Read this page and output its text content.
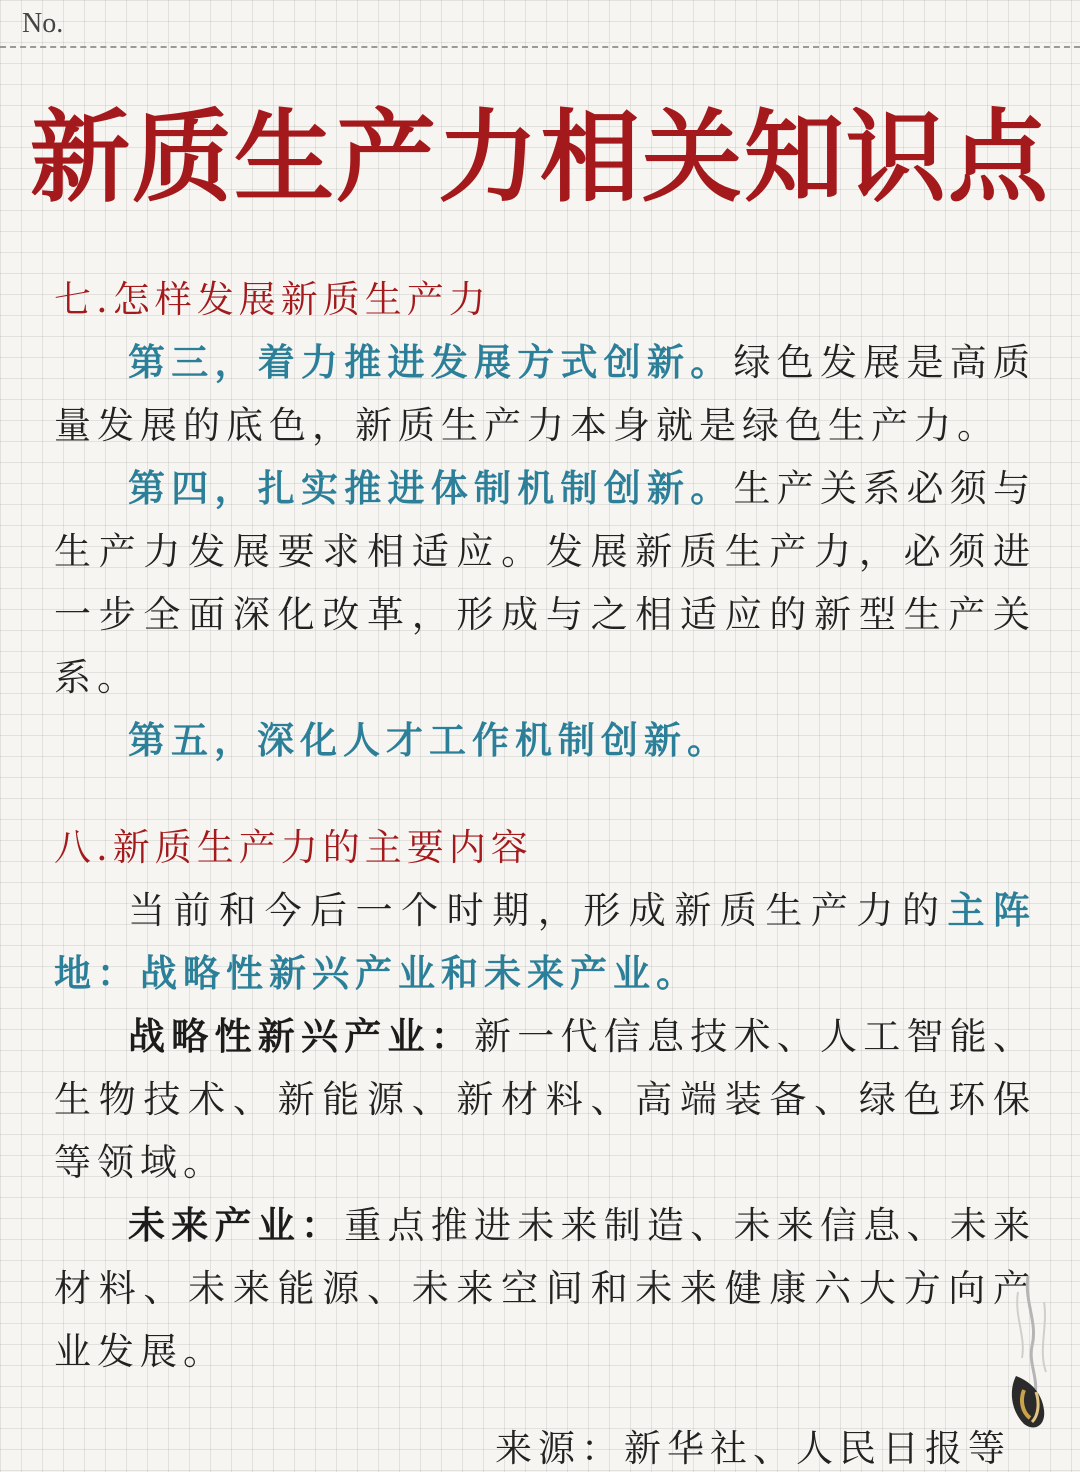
No.
新质生产力相关知识点

七.怎样发展新质生产力

第三，着力推进发展方式创新。绿色发展是高质量发展的底色，新质生产力本身就是绿色生产力。

第四，扎实推进体制机制创新。生产关系必须与生产力发展要求相适应。发展新质生产力，必须进一步全面深化改革，形成与之相适应的新型生产关系。

第五，深化人才工作机制创新。

八.新质生产力的主要内容

当前和今后一个时期，形成新质生产力的主阵地：战略性新兴产业和未来产业。

战略性新兴产业：新一代信息技术、人工智能、生物技术、新能源、新材料、高端装备、绿色环保等领域。

未来产业：重点推进未来制造、未来信息、未来材料、未来能源、未来空间和未来健康六大方向产业发展。

来源：新华社、人民日报等
